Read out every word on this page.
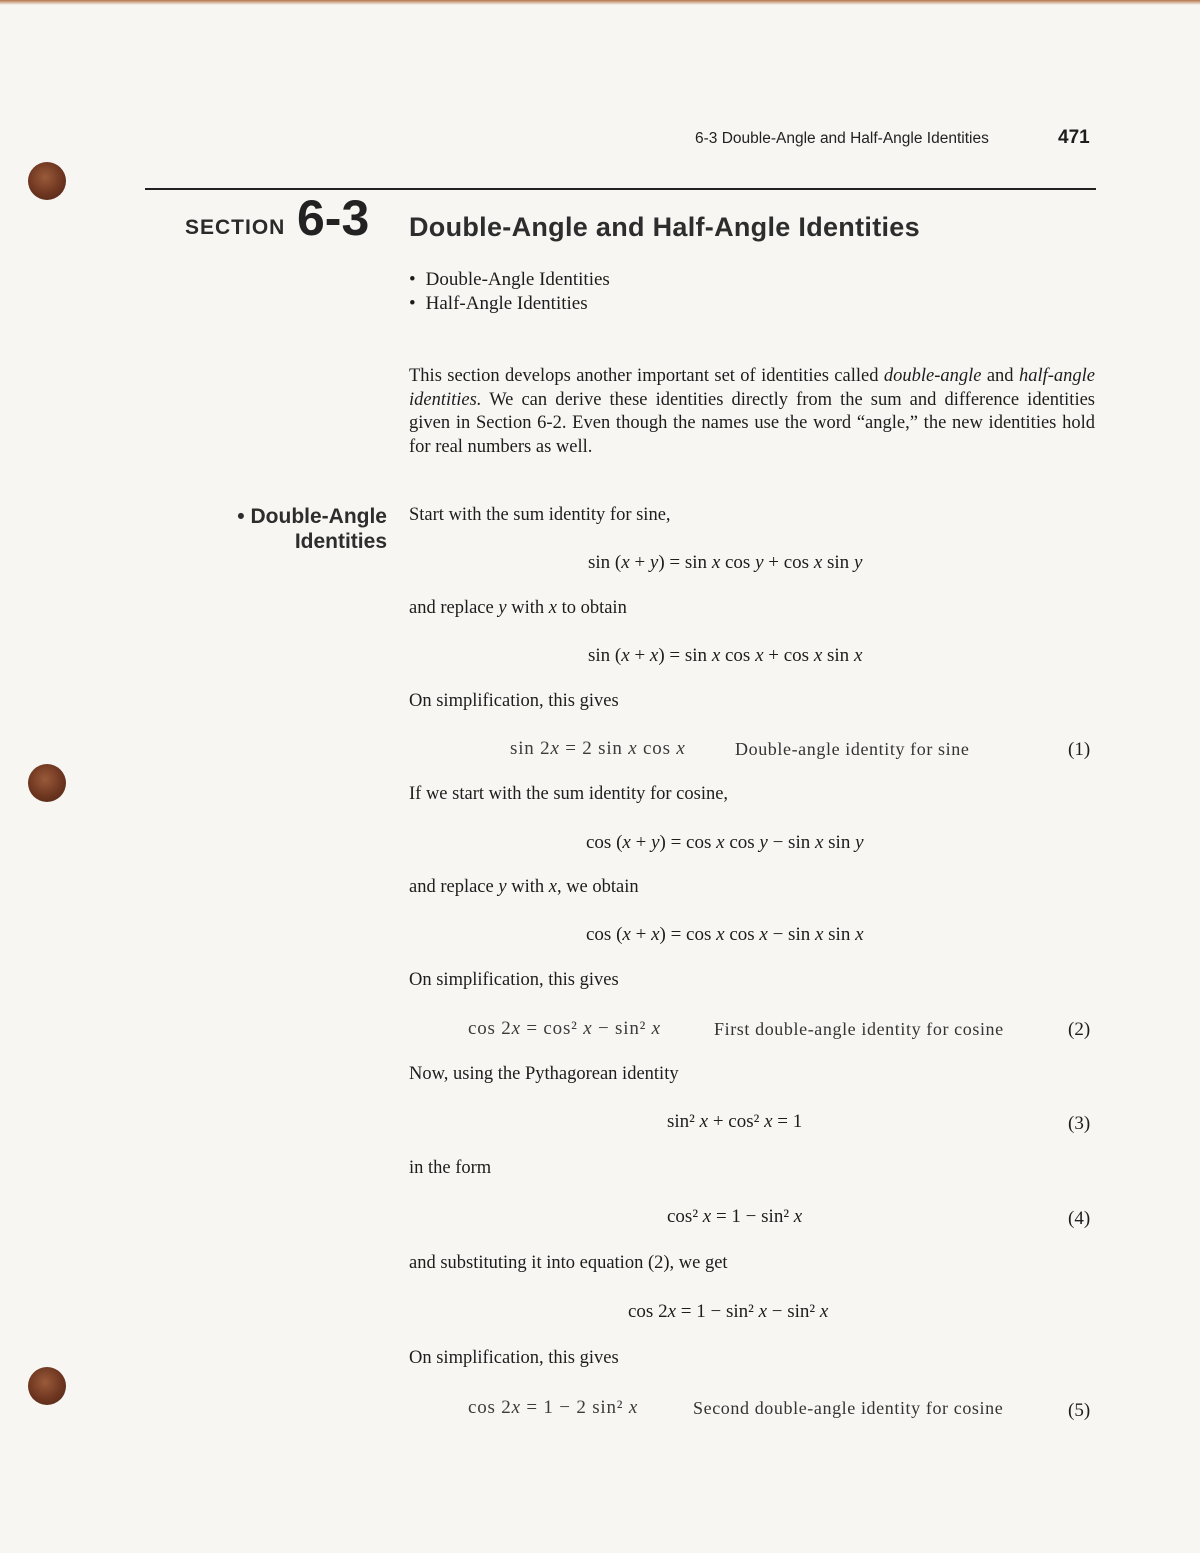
6-3 Double-Angle and Half-Angle Identities	471
SECTION 6-3 Double-Angle and Half-Angle Identities
• Double-Angle Identities
• Half-Angle Identities

This section develops another important set of identities called double-angle and half-angle identities. We can derive these identities directly from the sum and difference identities given in Section 6-2. Even though the names use the word “angle,” the new identities hold for real numbers as well.

• Double-Angle
Identities

Start with the sum identity for sine,

sin (x + y) = sin x cos y + cos x sin y

and replace y with x to obtain

sin (x + x) = sin x cos x + cos x sin x

On simplification, this gives

sin 2x = 2 sin x cos x	Double-angle identity for sine	(1)

If we start with the sum identity for cosine,

cos (x + y) = cos x cos y − sin x sin y

and replace y with x, we obtain

cos (x + x) = cos x cos x − sin x sin x

On simplification, this gives

cos 2x = cos² x − sin² x	First double-angle identity for cosine	(2)

Now, using the Pythagorean identity

sin² x + cos² x = 1	(3)

in the form

cos² x = 1 − sin² x	(4)

and substituting it into equation (2), we get

cos 2x = 1 − sin² x − sin² x

On simplification, this gives

cos 2x = 1 − 2 sin² x	Second double-angle identity for cosine	(5)
